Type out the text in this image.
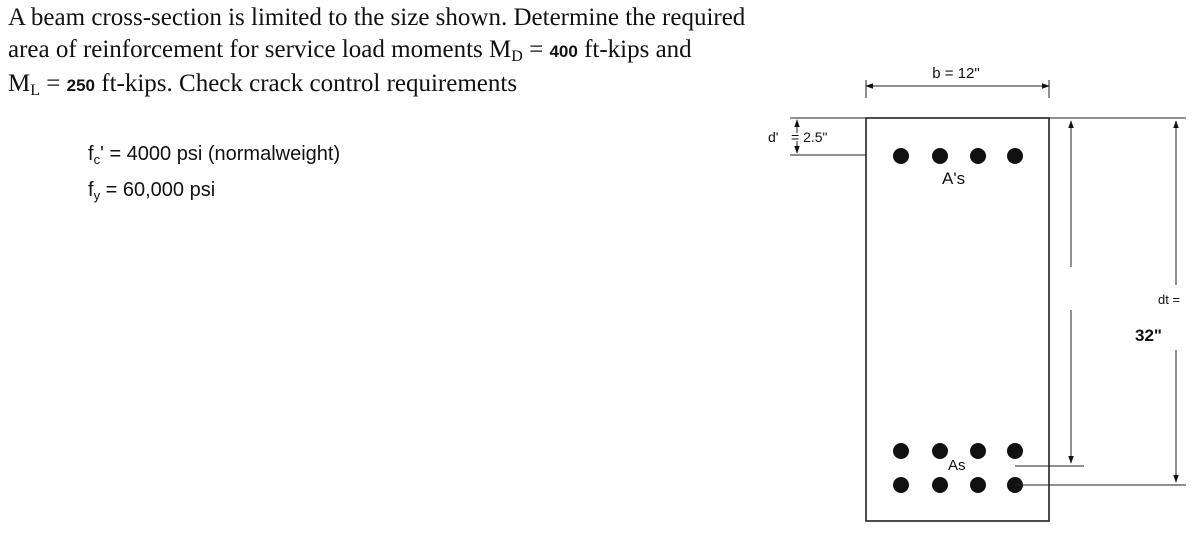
A beam cross-section is limited to the size shown. Determine the required
area of reinforcement for service load moments $M_D = 400$ ft-kips and
$M_L = 250$ ft-kips. Check crack control requirements
$f_c' = 4000$ psi (normalweight)
$f_y = 60,000$ psi
b = 12"
d' = 2.5"
A's
As
dt =
32"
